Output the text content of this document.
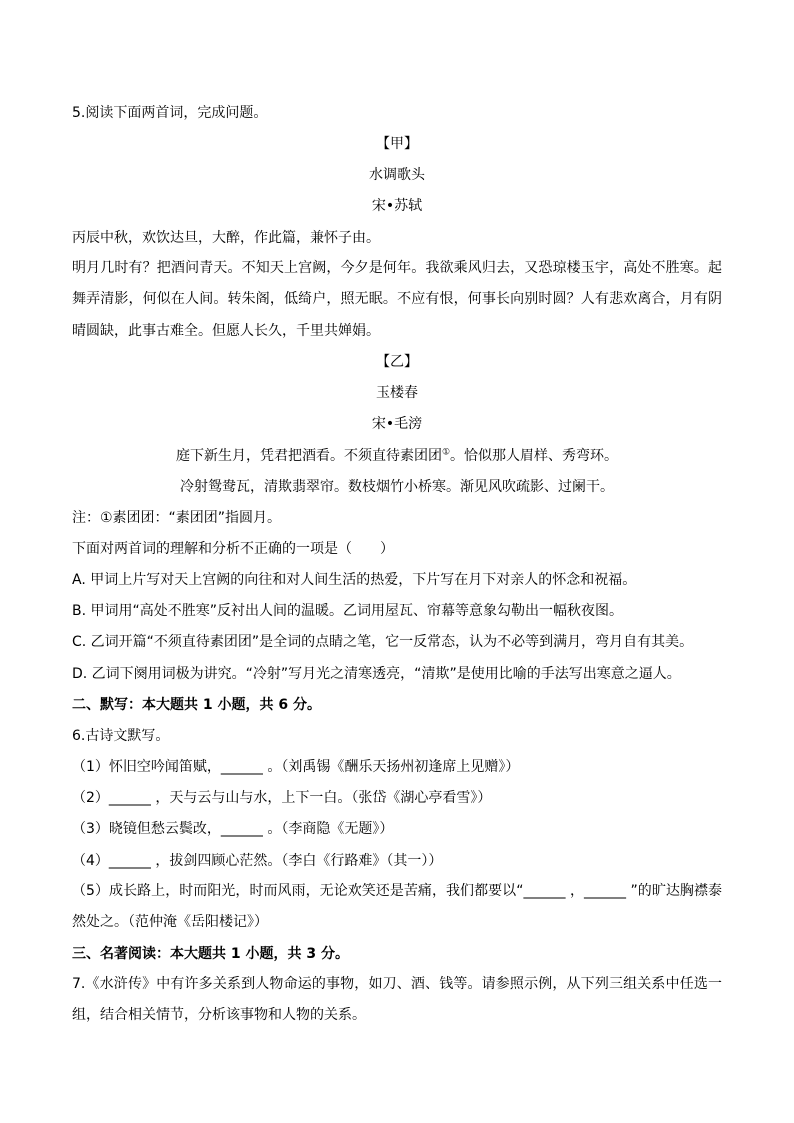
5.阅读下面两首词，完成问题。
【甲】
水调歌头
宋•苏轼
丙辰中秋，欢饮达旦，大醉，作此篇，兼怀子由。
明月几时有？把酒问青天。不知天上宫阙，今夕是何年。我欲乘风归去，又恐琼楼玉宇，高处不胜寒。起舞弄清影，何似在人间。转朱阁，低绮户，照无眠。不应有恨，何事长向别时圆？人有悲欢离合，月有阴晴圆缺，此事古难全。但愿人长久，千里共婵娟。
【乙】
玉楼春
宋•毛滂
庭下新生月，凭君把酒看。不须直待素团团①。恰似那人眉样、秀弯环。
冷射鸳鸯瓦，清欺翡翠帘。数枝烟竹小桥寒。渐见风吹疏影、过阑干。
注：①素团团：“素团团”指圆月。
下面对两首词的理解和分析不正确的一项是（　　）
A. 甲词上片写对天上宫阙的向往和对人间生活的热爱，下片写在月下对亲人的怀念和祝福。
B. 甲词用“高处不胜寒”反衬出人间的温暖。乙词用屋瓦、帘幕等意象勾勒出一幅秋夜图。
C. 乙词开篇“不须直待素团团”是全词的点睛之笔，它一反常态，认为不必等到满月，弯月自有其美。
D. 乙词下阕用词极为讲究。“冷射”写月光之清寒透亮，“清欺”是使用比喻的手法写出寒意之逼人。
二、默写：本大题共 1 小题，共 6 分。
6.古诗文默写。
（1）怀旧空吟闻笛赋，______ 。（刘禹锡《酬乐天扬州初逢席上见赠》）
（2）______ ，天与云与山与水，上下一白。（张岱《湖心亭看雪》）
（3）晓镜但愁云鬓改，______ 。（李商隐《无题》）
（4）______ ，拔剑四顾心茫然。（李白《行路难》（其一））
（5）成长路上，时而阳光，时而风雨，无论欢笑还是苦痛，我们都要以“______ ，______ ”的旷达胸襟泰然处之。（范仲淹《岳阳楼记》）
三、名著阅读：本大题共 1 小题，共 3 分。
7.《水浒传》中有许多关系到人物命运的事物，如刀、酒、钱等。请参照示例，从下列三组关系中任选一组，结合相关情节，分析该事物和人物的关系。
